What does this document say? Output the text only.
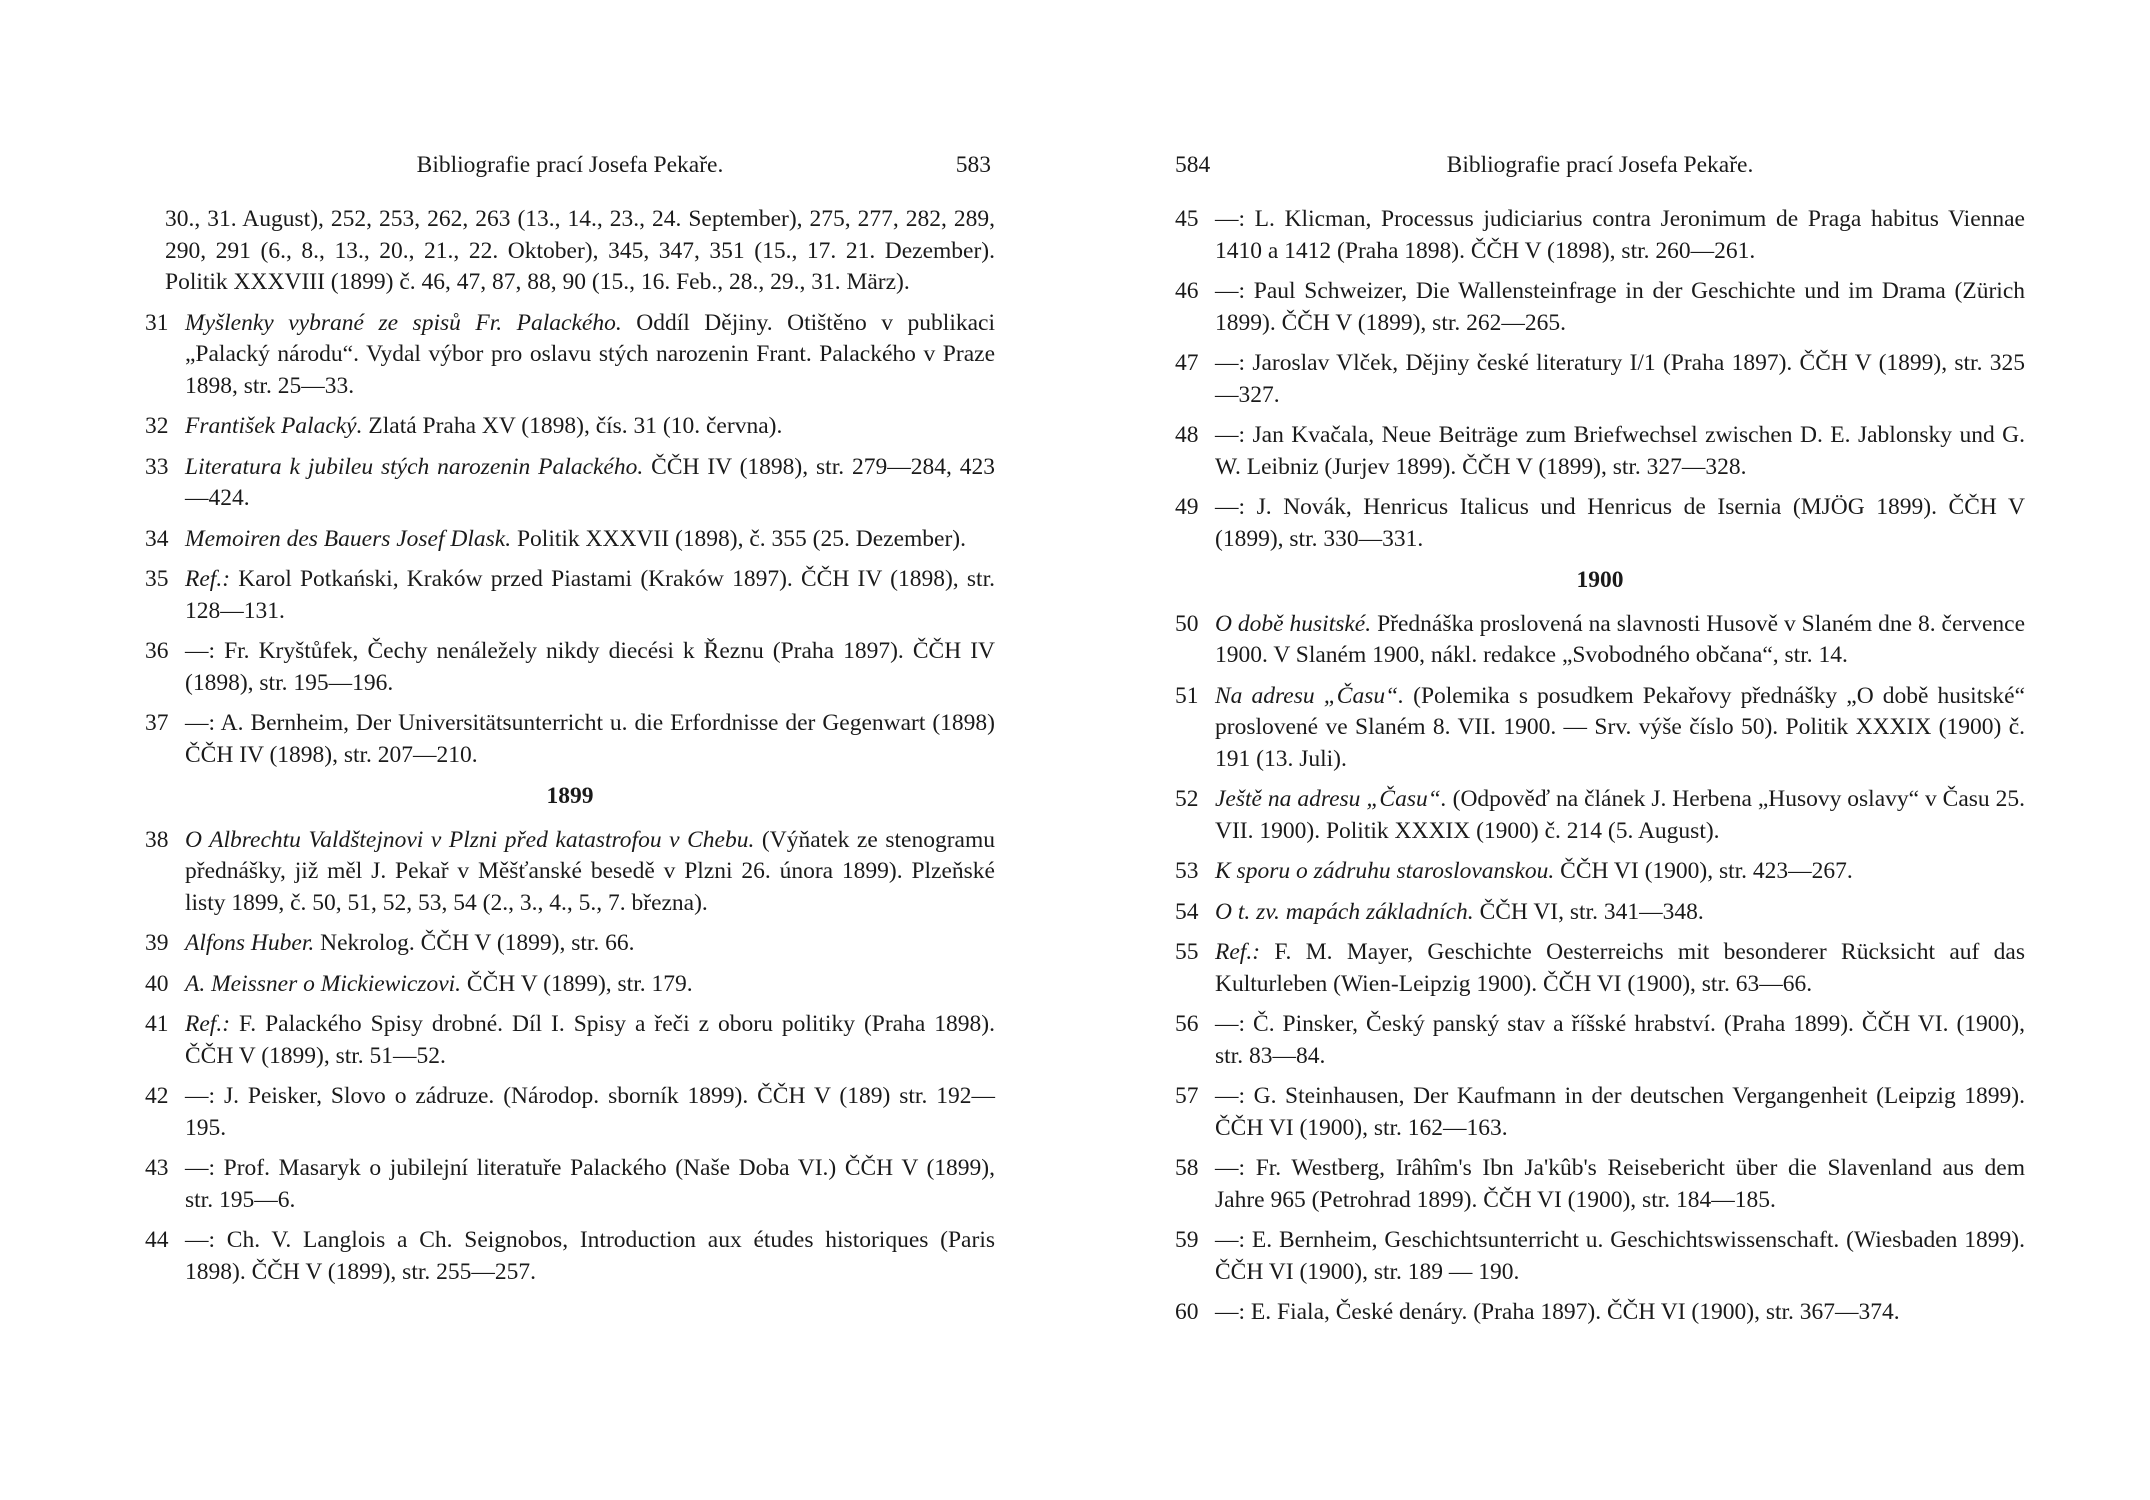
Bibliografie prací Josefa Pekaře.	583
30., 31. August), 252, 253, 262, 263 (13., 14., 23., 24. September), 275, 277, 282, 289, 290, 291 (6., 8., 13., 20., 21., 22. Oktober), 345, 347, 351 (15., 17. 21. Dezember). Politik XXXVIII (1899) č. 46, 47, 87, 88, 90 (15., 16. Feb., 28., 29., 31. März).
31 Myšlenky vybrané ze spisů Fr. Palackého. Oddíl Dějiny. Otištěno v publikaci „Palacký národu“. Vydal výbor pro oslavu stých narozenin Frant. Palackého v Praze 1898, str. 25—33.
32 František Palacký. Zlatá Praha XV (1898), čís. 31 (10. června).
33 Literatura k jubileu stých narozenin Palackého. ČČH IV (1898), str. 279—284, 423—424.
34 Memoiren des Bauers Josef Dlask. Politik XXXVII (1898), č. 355 (25. Dezember).
35 Ref.: Karol Potkański, Kraków przed Piastami (Kraków 1897). ČČH IV (1898), str. 128—131.
36 —: Fr. Kryštůfek, Čechy nenáležely nikdy diecési k Řeznu (Praha 1897). ČČH IV (1898), str. 195—196.
37 —: A. Bernheim, Der Universitätsunterricht u. die Erfordnisse der Gegenwart (1898) ČČH IV (1898), str. 207—210.
1899
38 O Albrechtu Valdštejnovi v Plzni před katastrofou v Chebu. (Výňatek ze stenogramu přednášky, již měl J. Pekař v Měšťanské besedě v Plzni 26. února 1899). Plzeňské listy 1899, č. 50, 51, 52, 53, 54 (2., 3., 4., 5., 7. března).
39 Alfons Huber. Nekrolog. ČČH V (1899), str. 66.
40 A. Meissner o Mickiewiczovi. ČČH V (1899), str. 179.
41 Ref.: F. Palackého Spisy drobné. Díl I. Spisy a řeči z oboru politiky (Praha 1898). ČČH V (1899), str. 51—52.
42 —: J. Peisker, Slovo o zádruze. (Národop. sborník 1899). ČČH V (189) str. 192—195.
43 —: Prof. Masaryk o jubilejní literatuře Palackého (Naše Doba VI.) ČČH V (1899), str. 195—6.
44 —: Ch. V. Langlois a Ch. Seignobos, Introduction aux études historiques (Paris 1898). ČČH V (1899), str. 255—257.
584	Bibliografie prací Josefa Pekaře.
45 —: L. Klicman, Processus judiciarius contra Jeronimum de Praga habitus Viennae 1410 a 1412 (Praha 1898). ČČH V (1898), str. 260—261.
46 —: Paul Schweizer, Die Wallensteinfrage in der Geschichte und im Drama (Zürich 1899). ČČH V (1899), str. 262—265.
47 —: Jaroslav Vlček, Dějiny české literatury I/1 (Praha 1897). ČČH V (1899), str. 325—327.
48 —: Jan Kvačala, Neue Beiträge zum Briefwechsel zwischen D. E. Jablonsky und G. W. Leibniz (Jurjev 1899). ČČH V (1899), str. 327—328.
49 —: J. Novák, Henricus Italicus und Henricus de Isernia (MJÖG 1899). ČČH V (1899), str. 330—331.
1900
50 O době husitské. Přednáška proslovená na slavnosti Husově v Slaném dne 8. července 1900. V Slaném 1900, nákl. redakce „Svobodného občana“, str. 14.
51 Na adresu „Času“. (Polemika s posudkem Pekařovy přednášky „O době husitské“ proslovené ve Slaném 8. VII. 1900. — Srv. výše číslo 50). Politik XXXIX (1900) č. 191 (13. Juli).
52 Ještě na adresu „Času“. (Odpověď na článek J. Herbena „Husovy oslavy“ v Času 25. VII. 1900). Politik XXXIX (1900) č. 214 (5. August).
53 K sporu o zádruhu staroslovanskou. ČČH VI (1900), str. 423—267.
54 O t. zv. mapách základních. ČČH VI, str. 341—348.
55 Ref.: F. M. Mayer, Geschichte Oesterreichs mit besonderer Rücksicht auf das Kulturleben (Wien-Leipzig 1900). ČČH VI (1900), str. 63—66.
56 —: Č. Pinsker, Český panský stav a říšské hrabství. (Praha 1899). ČČH VI. (1900), str. 83—84.
57 —: G. Steinhausen, Der Kaufmann in der deutschen Vergangenheit (Leipzig 1899). ČČH VI (1900), str. 162—163.
58 —: Fr. Westberg, Irâhîm's Ibn Ja'kûb's Reisebericht über die Slavenland aus dem Jahre 965 (Petrohrad 1899). ČČH VI (1900), str. 184—185.
59 —: E. Bernheim, Geschichtsunterricht u. Geschichtswissenschaft. (Wiesbaden 1899). ČČH VI (1900), str. 189 — 190.
60 —: E. Fiala, České denáry. (Praha 1897). ČČH VI (1900), str. 367—374.
